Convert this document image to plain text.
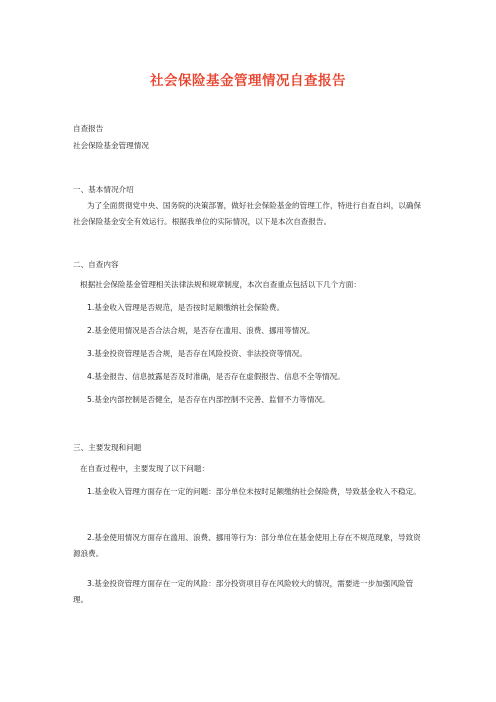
社会保险基金管理情况自查报告
自查报告
社会保险基金管理情况
一、基本情况介绍
为了全面贯彻党中央、国务院的决策部署，做好社会保险基金的管理工作，特进行自查自纠，以确保社会保险基金安全有效运行。根据我单位的实际情况，以下是本次自查报告。
二、自查内容
根据社会保险基金管理相关法律法规和规章制度，本次自查重点包括以下几个方面：
1.基金收入管理是否规范，是否按时足额缴纳社会保险费。
2.基金使用情况是否合法合规，是否存在滥用、浪费、挪用等情况。
3.基金投资管理是否合规，是否存在风险投资、非法投资等情况。
4.基金报告、信息披露是否及时准确，是否存在虚假报告、信息不全等情况。
5.基金内部控制是否健全，是否存在内部控制不完善、监督不力等情况。
三、主要发现和问题
在自查过程中，主要发现了以下问题：
1.基金收入管理方面存在一定的问题：部分单位未按时足额缴纳社会保险费，导致基金收入不稳定。
2.基金使用情况方面存在滥用、浪费、挪用等行为：部分单位在基金使用上存在不规范现象，导致资源浪费。
3.基金投资管理方面存在一定的风险：部分投资项目存在风险较大的情况，需要进一步加强风险管理。
